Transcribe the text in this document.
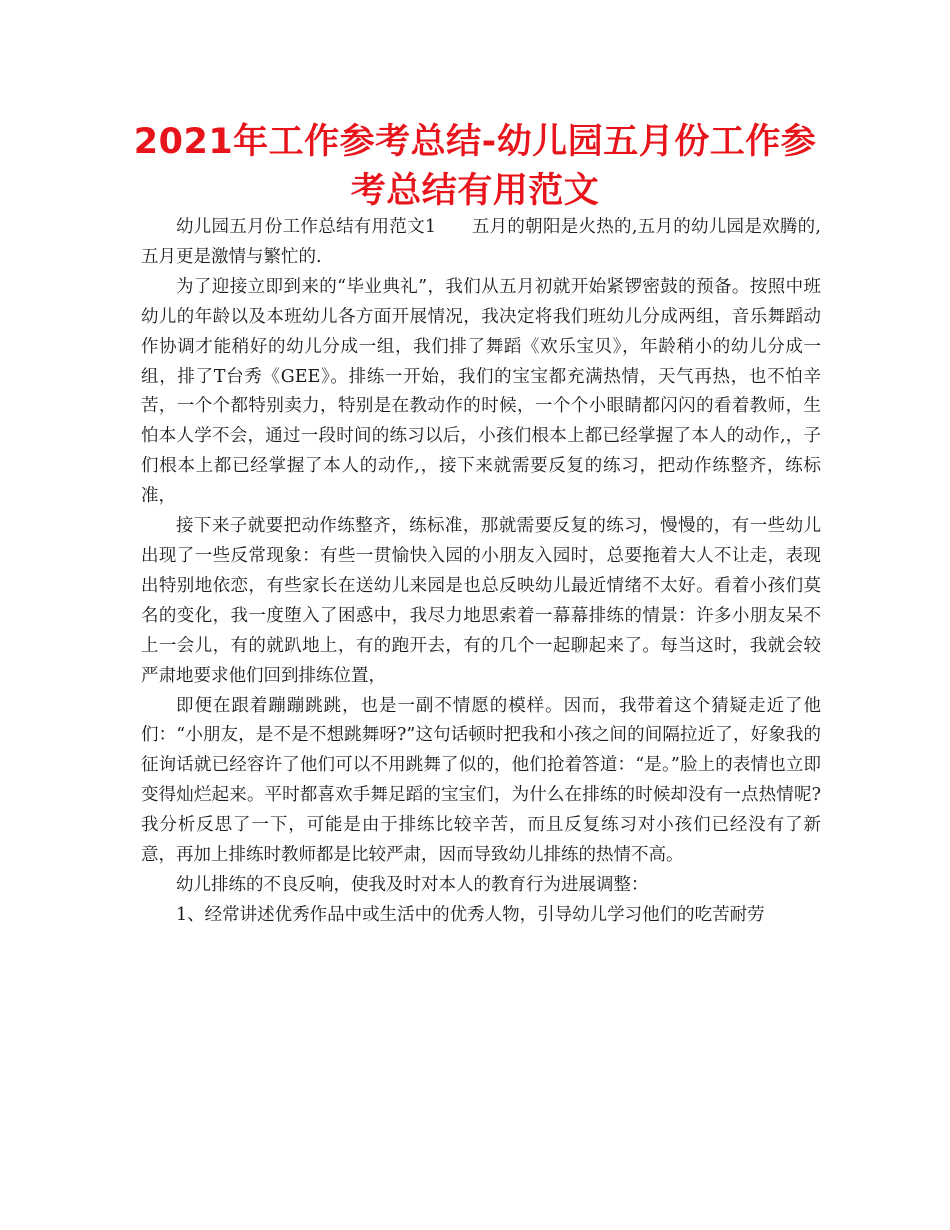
2021年工作参考总结-幼儿园五月份工作参考总结有用范文

幼儿园五月份工作总结有用范文1　　五月的朝阳是火热的,五月的幼儿园是欢腾的,五月更是激情与繁忙的.

为了迎接立即到来的“毕业典礼”，我们从五月初就开始紧锣密鼓的预备。按照中班幼儿的年龄以及本班幼儿各方面开展情况，我决定将我们班幼儿分成两组，音乐舞蹈动作协调才能稍好的幼儿分成一组，我们排了舞蹈《欢乐宝贝》，年龄稍小的幼儿分成一组，排了T台秀《GEE》。排练一开始，我们的宝宝都充满热情，天气再热，也不怕辛苦，一个个都特别卖力，特别是在教动作的时候，一个个小眼睛都闪闪的看着教师，生怕本人学不会，通过一段时间的练习以后，小孩们根本上都已经掌握了本人的动作,，子们根本上都已经掌握了本人的动作,，接下来就需要反复的练习，把动作练整齐，练标准，

接下来子就要把动作练整齐，练标准，那就需要反复的练习，慢慢的，有一些幼儿出现了一些反常现象：有些一贯愉快入园的小朋友入园时，总要拖着大人不让走，表现出特别地依恋，有些家长在送幼儿来园是也总反映幼儿最近情绪不太好。看着小孩们莫名的变化，我一度堕入了困惑中，我尽力地思索着一幕幕排练的情景：许多小朋友呆不上一会儿，有的就趴地上，有的跑开去，有的几个一起聊起来了。每当这时，我就会较严肃地要求他们回到排练位置，

即便在跟着蹦蹦跳跳，也是一副不情愿的模样。因而，我带着这个猜疑走近了他们：“小朋友，是不是不想跳舞呀?”这句话顿时把我和小孩之间的间隔拉近了，好象我的征询话就已经容许了他们可以不用跳舞了似的，他们抢着答道：“是。”脸上的表情也立即变得灿烂起来。平时都喜欢手舞足蹈的宝宝们，为什么在排练的时候却没有一点热情呢?我分析反思了一下，可能是由于排练比较辛苦，而且反复练习对小孩们已经没有了新意，再加上排练时教师都是比较严肃，因而导致幼儿排练的热情不高。

幼儿排练的不良反响，使我及时对本人的教育行为进展调整：

1、经常讲述优秀作品中或生活中的优秀人物，引导幼儿学习他们的吃苦耐劳
